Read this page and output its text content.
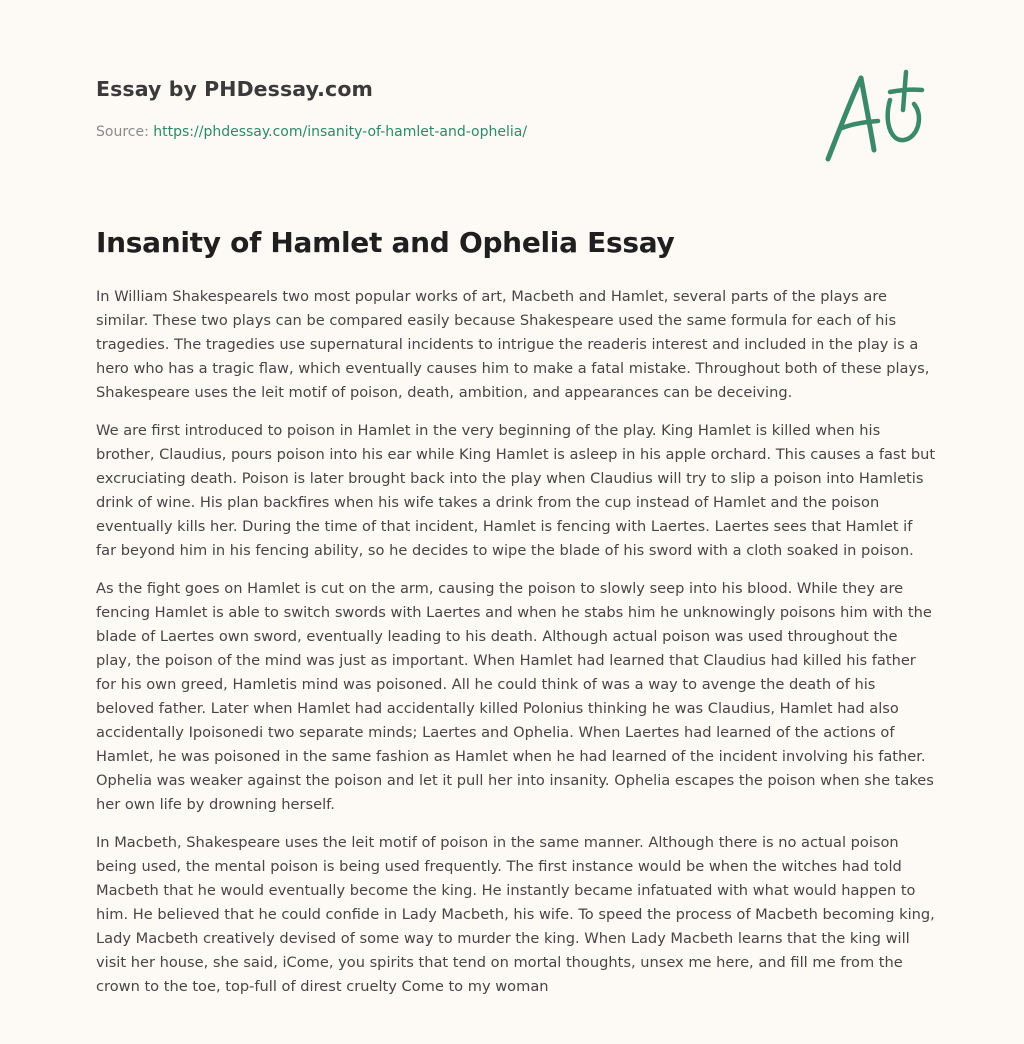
Essay by PHDessay.com
Source: https://phdessay.com/insanity-of-hamlet-and-ophelia/
Insanity of Hamlet and Ophelia Essay

In William Shakespearels two most popular works of art, Macbeth and Hamlet, several parts of the plays are similar. These two plays can be compared easily because Shakespeare used the same formula for each of his tragedies. The tragedies use supernatural incidents to intrigue the readeris interest and included in the play is a hero who has a tragic flaw, which eventually causes him to make a fatal mistake. Throughout both of these plays, Shakespeare uses the leit motif of poison, death, ambition, and appearances can be deceiving.

We are first introduced to poison in Hamlet in the very beginning of the play. King Hamlet is killed when his brother, Claudius, pours poison into his ear while King Hamlet is asleep in his apple orchard. This causes a fast but excruciating death. Poison is later brought back into the play when Claudius will try to slip a poison into Hamletis drink of wine. His plan backfires when his wife takes a drink from the cup instead of Hamlet and the poison eventually kills her. During the time of that incident, Hamlet is fencing with Laertes. Laertes sees that Hamlet if far beyond him in his fencing ability, so he decides to wipe the blade of his sword with a cloth soaked in poison.

As the fight goes on Hamlet is cut on the arm, causing the poison to slowly seep into his blood. While they are fencing Hamlet is able to switch swords with Laertes and when he stabs him he unknowingly poisons him with the blade of Laertes own sword, eventually leading to his death. Although actual poison was used throughout the play, the poison of the mind was just as important. When Hamlet had learned that Claudius had killed his father for his own greed, Hamletis mind was poisoned. All he could think of was a way to avenge the death of his beloved father. Later when Hamlet had accidentally killed Polonius thinking he was Claudius, Hamlet had also accidentally Ipoisonedi two separate minds; Laertes and Ophelia. When Laertes had learned of the actions of Hamlet, he was poisoned in the same fashion as Hamlet when he had learned of the incident involving his father. Ophelia was weaker against the poison and let it pull her into insanity. Ophelia escapes the poison when she takes her own life by drowning herself.

In Macbeth, Shakespeare uses the leit motif of poison in the same manner. Although there is no actual poison being used, the mental poison is being used frequently. The first instance would be when the witches had told Macbeth that he would eventually become the king. He instantly became infatuated with what would happen to him. He believed that he could confide in Lady Macbeth, his wife. To speed the process of Macbeth becoming king, Lady Macbeth creatively devised of some way to murder the king. When Lady Macbeth learns that the king will visit her house, she said, iCome, you spirits that tend on mortal thoughts, unsex me here, and fill me from the crown to the toe, top-full of direst cruelty Come to my woman
